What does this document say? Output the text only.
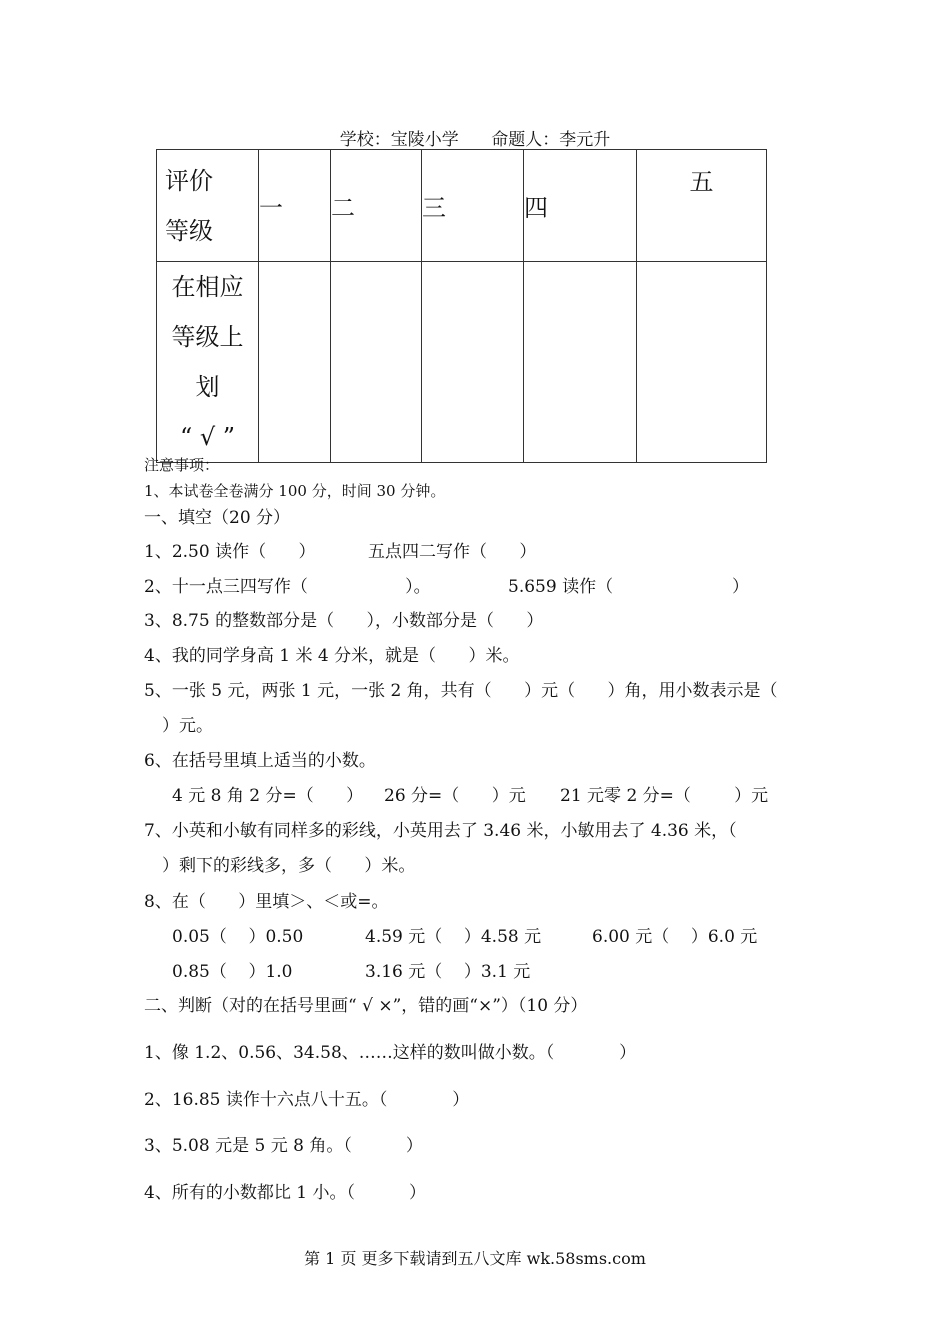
学校：宝陵小学      命题人：李元升
评价
等级	一	二	三	四	五

在相应
等级上
划
“ √ ”					

注意事项：
1、本试卷全卷满分 100 分，时间 30 分钟。
一、填空（20 分）
1、2.50 读作（      ）	五点四二写作（      ）
2、十一点三四写作（                  ）。	5.659 读作（                      ）
3、8.75 的整数部分是（      ），小数部分是（      ）
4、我的同学身高 1 米 4 分米，就是（      ）米。
5、一张 5 元，两张 1 元，一张 2 角，共有（      ）元（      ）角，用小数表示是（
）元。
6、在括号里填上适当的小数。
4 元 8 角 2 分=（      ） 26 分=（      ）元 21 元零 2 分=（        ）元
7、小英和小敏有同样多的彩线，小英用去了 3.46 米，小敏用去了 4.36 米，（
）剩下的彩线多，多（      ）米。
8、在（      ）里填＞、＜或=。
0.05（    ）0.50	4.59 元（    ）4.58 元	6.00 元（    ）6.0 元
0.85（    ）1.0	3.16 元（    ）3.1 元
二、判断（对的在括号里画“ √ ×”，错的画“×”）（10 分）
1、像 1.2、0.56、34.58、……这样的数叫做小数。（            ）
2、16.85 读作十六点八十五。（            ）
3、5.08 元是 5 元 8 角。（          ）
4、所有的小数都比 1 小。（          ）
第 1 页 更多下载请到五八文库 wk.58sms.com
